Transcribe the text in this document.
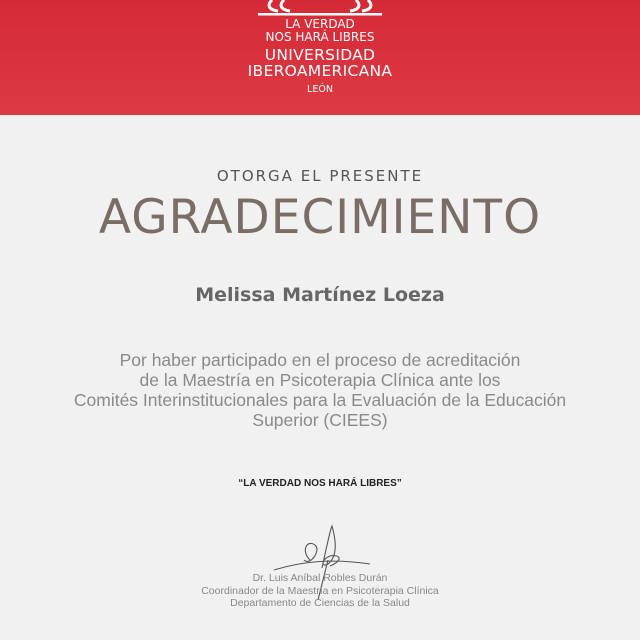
LA VERDAD
NOS HARÁ LIBRES
UNIVERSIDAD
IBEROAMERICANA
LEÓN
OTORGA EL PRESENTE
AGRADECIMIENTO
Melissa Martínez Loeza
Por haber participado en el proceso de acreditación
de la Maestría en Psicoterapia Clínica ante los
Comités Interinstitucionales para la Evaluación de la Educación
Superior (CIEES)
“LA VERDAD NOS HARÁ LIBRES”
Dr. Luis Aníbal Robles Durán
Coordinador de la Maestría en Psicoterapia Clínica
Departamento de Ciencias de la Salud
